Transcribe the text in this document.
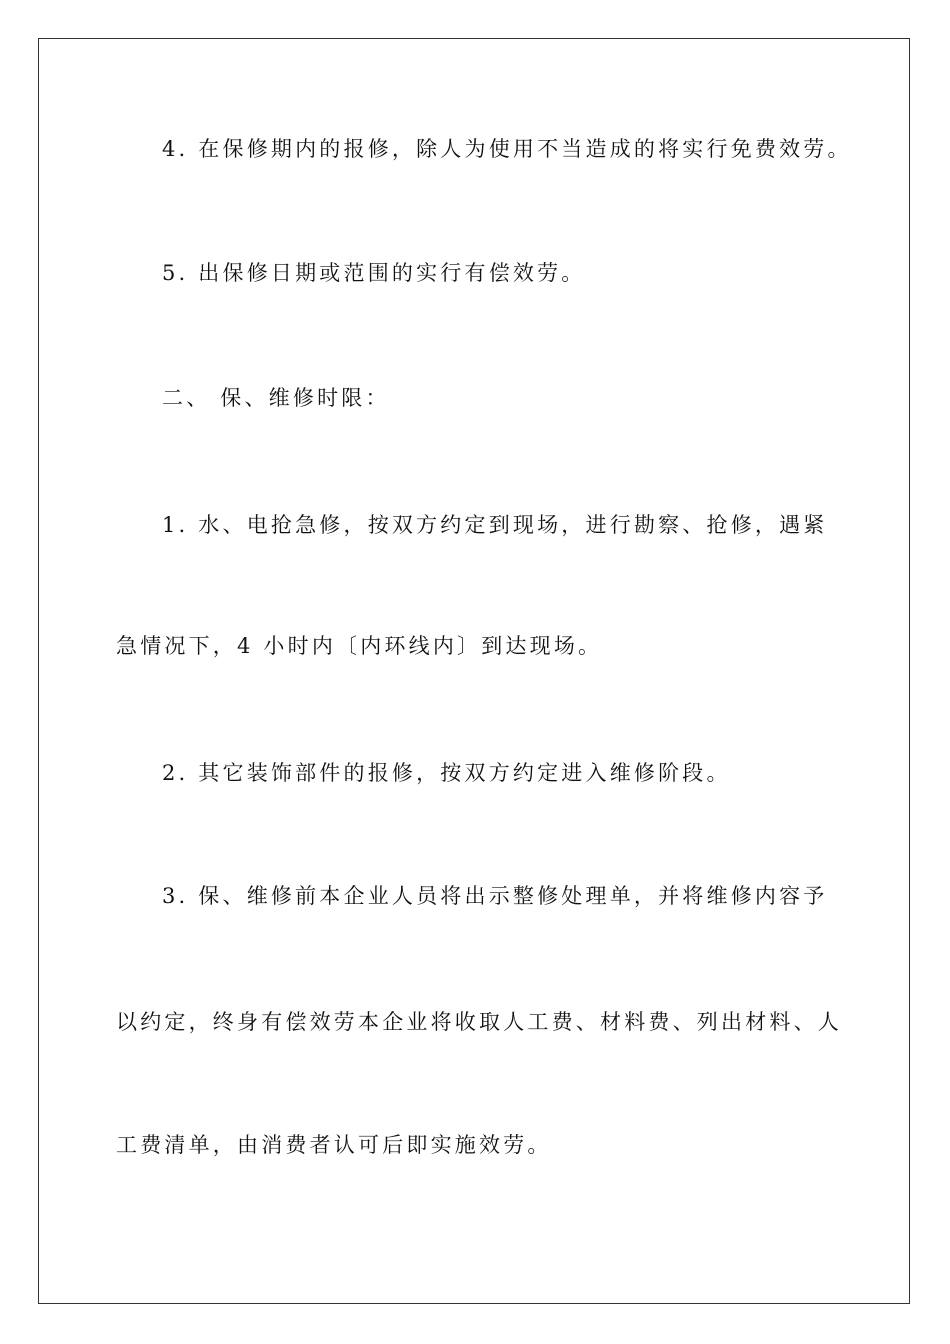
4. 在保修期内的报修，除人为使用不当造成的将实行免费效劳。
5. 出保修日期或范围的实行有偿效劳。
二、 保、维修时限：
1. 水、电抢急修，按双方约定到现场，进行勘察、抢修，遇紧
急情况下，4 小时内〔内环线内〕到达现场。
2. 其它装饰部件的报修，按双方约定进入维修阶段。
3. 保、维修前本企业人员将出示整修处理单，并将维修内容予
以约定，终身有偿效劳本企业将收取人工费、材料费、列出材料、人
工费清单，由消费者认可后即实施效劳。
